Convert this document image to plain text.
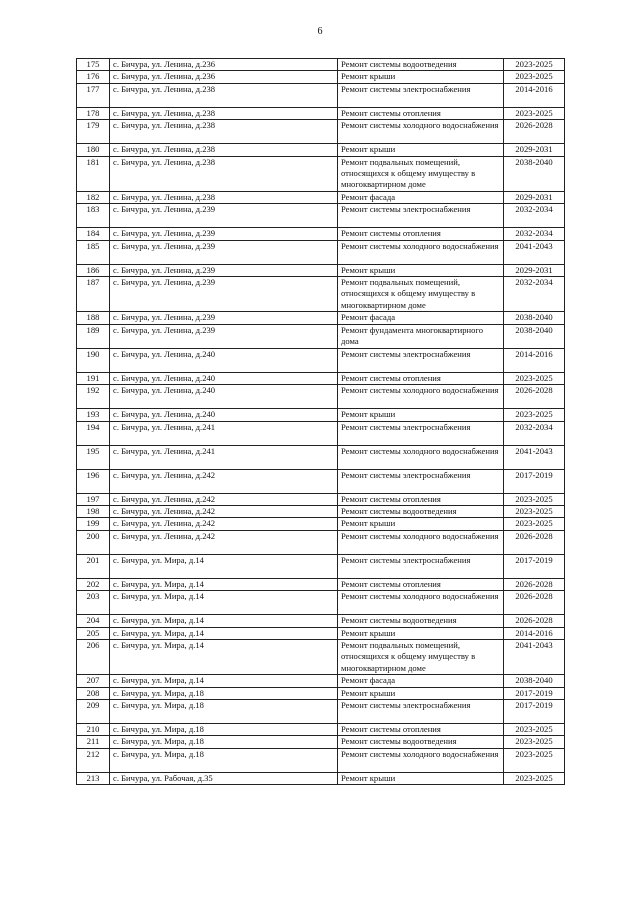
6
175	с. Бичура, ул. Ленина, д.236	Ремонт системы водоотведения	2023-2025
176	с. Бичура, ул. Ленина, д.236	Ремонт крыши	2023-2025
177	с. Бичура, ул. Ленина, д.238	Ремонт системы электроснабжения	2014-2016
178	с. Бичура, ул. Ленина, д.238	Ремонт системы отопления	2023-2025
179	с. Бичура, ул. Ленина, д.238	Ремонт системы холодного водоснабжения	2026-2028
180	с. Бичура, ул. Ленина, д.238	Ремонт крыши	2029-2031
181	с. Бичура, ул. Ленина, д.238	Ремонт подвальных помещений, относящихся к общему имуществу в многоквартирном доме	2038-2040
182	с. Бичура, ул. Ленина, д.238	Ремонт фасада	2029-2031
183	с. Бичура, ул. Ленина, д.239	Ремонт системы электроснабжения	2032-2034
184	с. Бичура, ул. Ленина, д.239	Ремонт системы отопления	2032-2034
185	с. Бичура, ул. Ленина, д.239	Ремонт системы холодного водоснабжения	2041-2043
186	с. Бичура, ул. Ленина, д.239	Ремонт крыши	2029-2031
187	с. Бичура, ул. Ленина, д.239	Ремонт подвальных помещений, относящихся к общему имуществу в многоквартирном доме	2032-2034
188	с. Бичура, ул. Ленина, д.239	Ремонт фасада	2038-2040
189	с. Бичура, ул. Ленина, д.239	Ремонт фундамента многоквартирного дома	2038-2040
190	с. Бичура, ул. Ленина, д.240	Ремонт системы электроснабжения	2014-2016
191	с. Бичура, ул. Ленина, д.240	Ремонт системы отопления	2023-2025
192	с. Бичура, ул. Ленина, д.240	Ремонт системы холодного водоснабжения	2026-2028
193	с. Бичура, ул. Ленина, д.240	Ремонт крыши	2023-2025
194	с. Бичура, ул. Ленина, д.241	Ремонт системы электроснабжения	2032-2034
195	с. Бичура, ул. Ленина, д.241	Ремонт системы холодного водоснабжения	2041-2043
196	с. Бичура, ул. Ленина, д.242	Ремонт системы электроснабжения	2017-2019
197	с. Бичура, ул. Ленина, д.242	Ремонт системы отопления	2023-2025
198	с. Бичура, ул. Ленина, д.242	Ремонт системы водоотведения	2023-2025
199	с. Бичура, ул. Ленина, д.242	Ремонт крыши	2023-2025
200	с. Бичура, ул. Ленина, д.242	Ремонт системы холодного водоснабжения	2026-2028
201	с. Бичура, ул. Мира, д.14	Ремонт системы электроснабжения	2017-2019
202	с. Бичура, ул. Мира, д.14	Ремонт системы отопления	2026-2028
203	с. Бичура, ул. Мира, д.14	Ремонт системы холодного водоснабжения	2026-2028
204	с. Бичура, ул. Мира, д.14	Ремонт системы водоотведения	2026-2028
205	с. Бичура, ул. Мира, д.14	Ремонт крыши	2014-2016
206	с. Бичура, ул. Мира, д.14	Ремонт подвальных помещений, относящихся к общему имуществу в многоквартирном доме	2041-2043
207	с. Бичура, ул. Мира, д.14	Ремонт фасада	2038-2040
208	с. Бичура, ул. Мира, д.18	Ремонт крыши	2017-2019
209	с. Бичура, ул. Мира, д.18	Ремонт системы электроснабжения	2017-2019
210	с. Бичура, ул. Мира, д.18	Ремонт системы отопления	2023-2025
211	с. Бичура, ул. Мира, д.18	Ремонт системы водоотведения	2023-2025
212	с. Бичура, ул. Мира, д.18	Ремонт системы холодного водоснабжения	2023-2025
213	с. Бичура, ул. Рабочая, д.35	Ремонт крыши	2023-2025
